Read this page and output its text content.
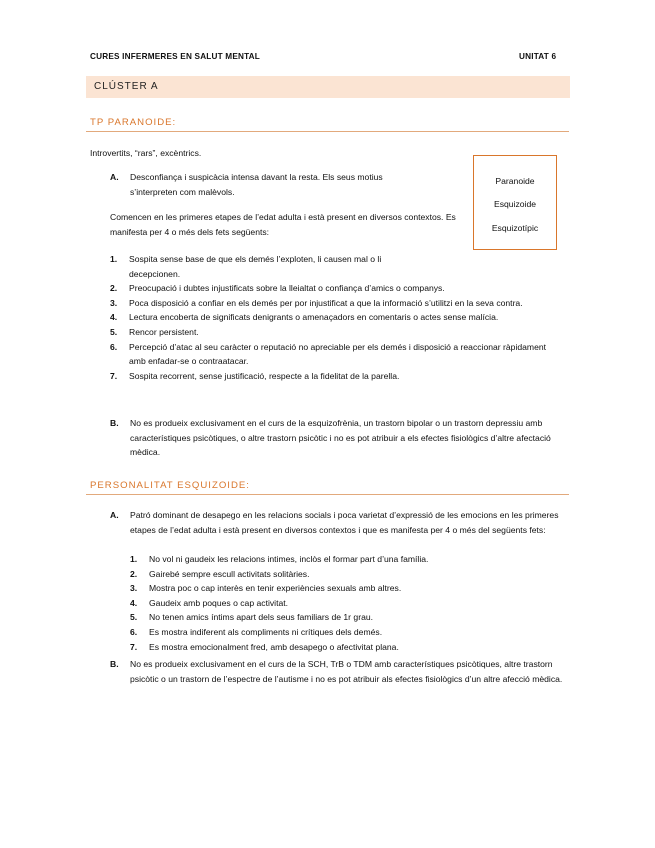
CURES INFERMERES EN SALUT MENTAL	UNITAT 6
CLÚSTER A
TP PARANOIDE:
Introvertits, “rars”, excèntrics.
A.	Desconfiança i suspicàcia intensa davant la resta. Els seus motius s’interpreten com malèvols.
Comencen en les primeres etapes de l’edat adulta i està present en diversos contextos. Es manifesta per 4 o més dels fets següents:
1.	Sospita sense base de que els demés l’exploten, li causen mal o li decepcionen.
2.	Preocupació i dubtes injustificats sobre la lleialtat o confiança d’amics o companys.
3.	Poca disposició a confiar en els demés per por injustificat a que la informació s’utilitzi en la seva contra.
4.	Lectura encoberta de significats denigrants o amenaçadors en comentaris o actes sense malícia.
5.	Rencor persistent.
6.	Percepció d’atac al seu caràcter o reputació no apreciable per els demés i disposició a reaccionar ràpidament amb enfadar-se o contraatacar.
7.	Sospita recorrent, sense justificació, respecte a la fidelitat de la parella.
B.	No es produeix exclusivament en el curs de la esquizofrènia, un trastorn bipolar o un trastorn depressiu amb característiques psicòtiques, o altre trastorn psicòtic i no es pot atribuir a els efectes fisiològics d’altre afectació mèdica.
Paranoide
Esquizoide
Esquizotípic
PERSONALITAT ESQUIZOIDE:
A.	Patró dominant de desapego en les relacions socials i poca varietat d’expressió de les emocions en les primeres etapes de l’edat adulta i està present en diversos contextos i que es manifesta per 4 o més del següents fets:
1.	No vol ni gaudeix les relacions intimes, inclòs el formar part d’una família.
2.	Gairebé sempre escull activitats solitàries.
3.	Mostra poc o cap interès en tenir experiències sexuals amb altres.
4.	Gaudeix amb poques o cap activitat.
5.	No tenen amics íntims apart dels seus familiars de 1r grau.
6.	Es mostra indiferent als compliments ni crítiques dels demés.
7.	Es mostra emocionalment fred, amb desapego o afectivitat plana.
B.	No es produeix exclusivament en el curs de la SCH, TrB o TDM amb característiques psicòtiques, altre trastorn psicòtic o un trastorn de l’espectre de l’autisme i no es pot atribuir als efectes fisiològics d’un altre afecció mèdica.
